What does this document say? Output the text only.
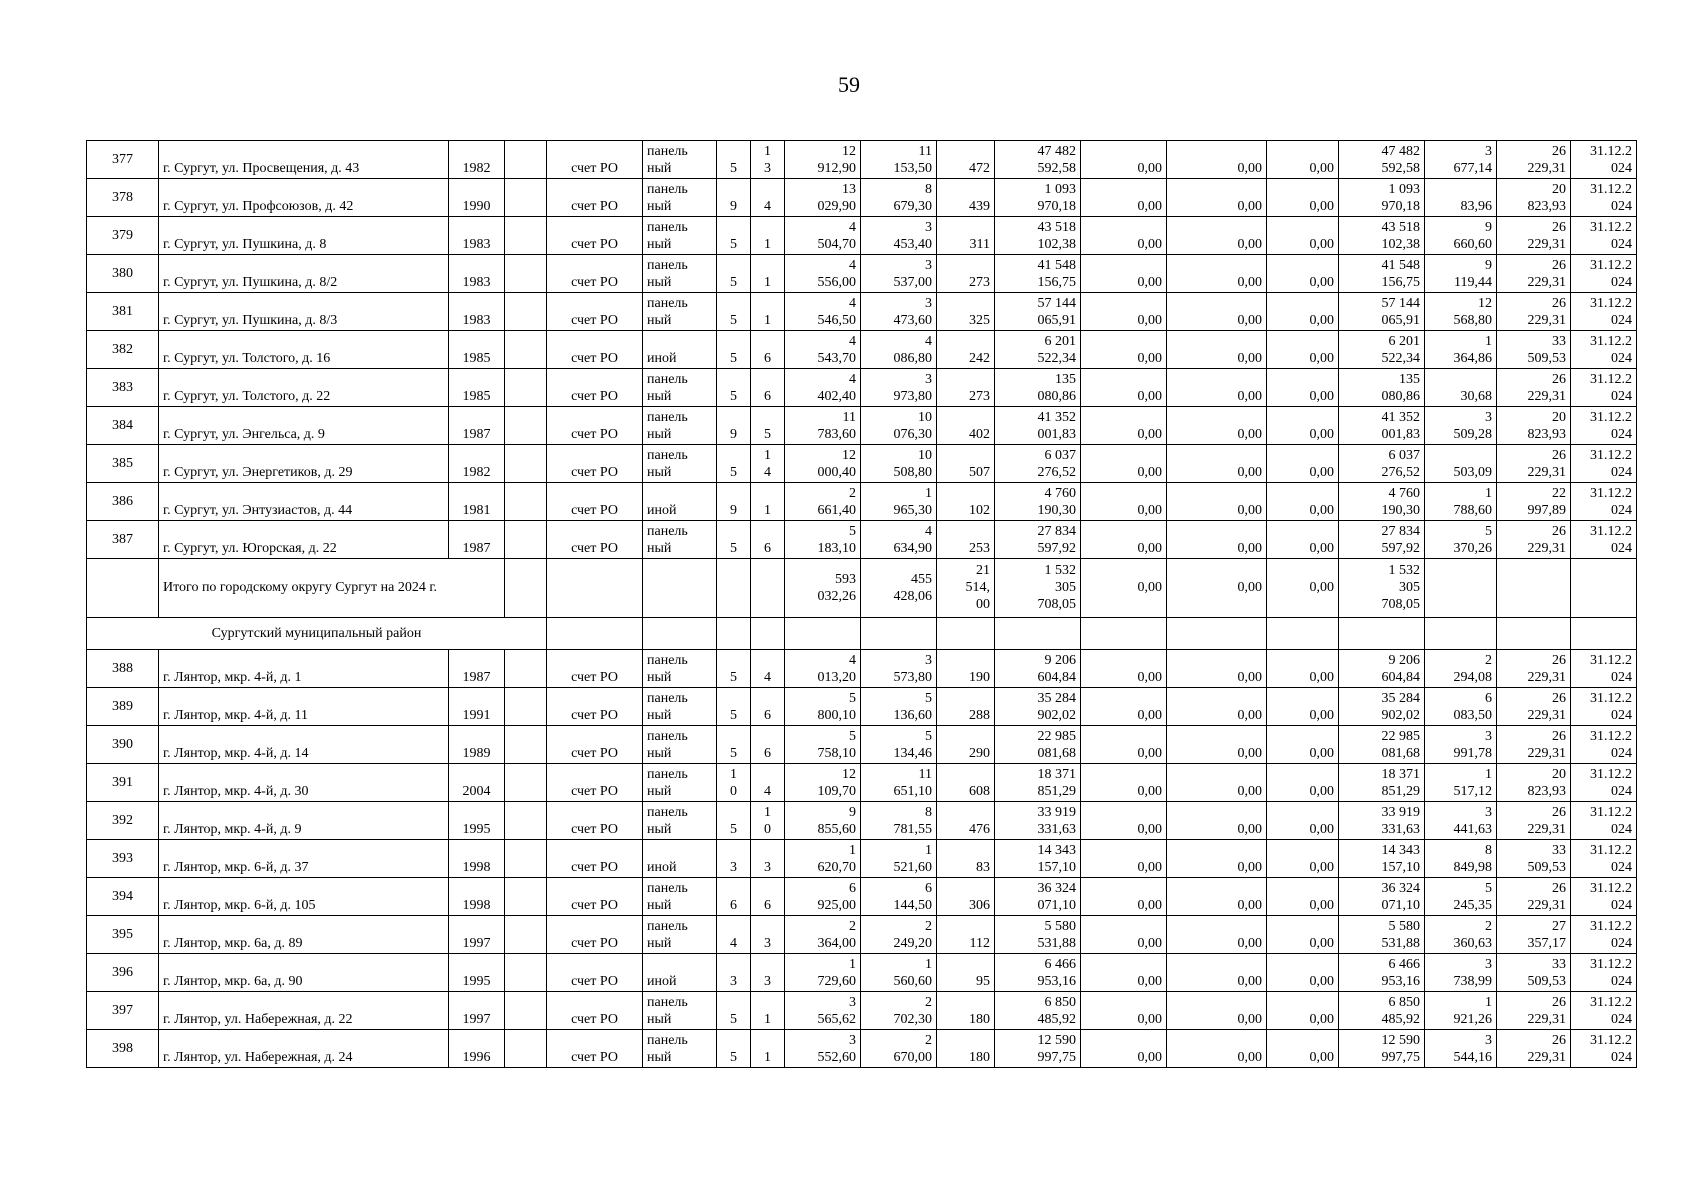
59
377	г. Сургут, ул. Просвещения, д. 43	1982		счет РО	панель
ный	5	1
3	12
912,90	11
153,50	472	47 482
592,58	0,00	0,00	0,00	47 482
592,58	3
677,14	26
229,31	31.12.2
024

378	г. Сургут, ул. Профсоюзов, д. 42	1990		счет РО	панель
ный	9	4	13
029,90	8
679,30	439	1 093
970,18	0,00	0,00	0,00	1 093
970,18	83,96	20
823,93	31.12.2
024

379	г. Сургут, ул. Пушкина, д. 8	1983		счет РО	панель
ный	5	1	4
504,70	3
453,40	311	43 518
102,38	0,00	0,00	0,00	43 518
102,38	9
660,60	26
229,31	31.12.2
024

380	г. Сургут, ул. Пушкина, д. 8/2	1983		счет РО	панель
ный	5	1	4
556,00	3
537,00	273	41 548
156,75	0,00	0,00	0,00	41 548
156,75	9
119,44	26
229,31	31.12.2
024

381	г. Сургут, ул. Пушкина, д. 8/3	1983		счет РО	панель
ный	5	1	4
546,50	3
473,60	325	57 144
065,91	0,00	0,00	0,00	57 144
065,91	12
568,80	26
229,31	31.12.2
024

382	г. Сургут, ул. Толстого, д. 16	1985		счет РО	иной	5	6	4
543,70	4
086,80	242	6 201
522,34	0,00	0,00	0,00	6 201
522,34	1
364,86	33
509,53	31.12.2
024

383	г. Сургут, ул. Толстого, д. 22	1985		счет РО	панель
ный	5	6	4
402,40	3
973,80	273	135
080,86	0,00	0,00	0,00	135
080,86	30,68	26
229,31	31.12.2
024

384	г. Сургут, ул. Энгельса, д. 9	1987		счет РО	панель
ный	9	5	11
783,60	10
076,30	402	41 352
001,83	0,00	0,00	0,00	41 352
001,83	3
509,28	20
823,93	31.12.2
024

385	г. Сургут, ул. Энергетиков, д. 29	1982		счет РО	панель
ный	5	1
4	12
000,40	10
508,80	507	6 037
276,52	0,00	0,00	0,00	6 037
276,52	503,09	26
229,31	31.12.2
024

386	г. Сургут, ул. Энтузиастов, д. 44	1981		счет РО	иной	9	1	2
661,40	1
965,30	102	4 760
190,30	0,00	0,00	0,00	4 760
190,30	1
788,60	22
997,89	31.12.2
024

387	г. Сургут, ул. Югорская, д. 22	1987		счет РО	панель
ный	5	6	5
183,10	4
634,90	253	27 834
597,92	0,00	0,00	0,00	27 834
597,92	5
370,26	26
229,31	31.12.2
024

	Итого по городскому округу Сургут на 2024 г.							593
032,26	455
428,06	21
514,
00	1 532
305
708,05	0,00	0,00	0,00	1 532
305
708,05			

Сургутский муниципальный район																		
388	г. Лянтор, мкр. 4-й, д. 1	1987		счет РО	панель
ный	5	4	4
013,20	3
573,80	190	9 206
604,84	0,00	0,00	0,00	9 206
604,84	2
294,08	26
229,31	31.12.2
024

389	г. Лянтор, мкр. 4-й, д. 11	1991		счет РО	панель
ный	5	6	5
800,10	5
136,60	288	35 284
902,02	0,00	0,00	0,00	35 284
902,02	6
083,50	26
229,31	31.12.2
024

390	г. Лянтор, мкр. 4-й, д. 14	1989		счет РО	панель
ный	5	6	5
758,10	5
134,46	290	22 985
081,68	0,00	0,00	0,00	22 985
081,68	3
991,78	26
229,31	31.12.2
024

391	г. Лянтор, мкр. 4-й, д. 30	2004		счет РО	панель
ный	1
0	4	12
109,70	11
651,10	608	18 371
851,29	0,00	0,00	0,00	18 371
851,29	1
517,12	20
823,93	31.12.2
024

392	г. Лянтор, мкр. 4-й, д. 9	1995		счет РО	панель
ный	5	1
0	9
855,60	8
781,55	476	33 919
331,63	0,00	0,00	0,00	33 919
331,63	3
441,63	26
229,31	31.12.2
024

393	г. Лянтор, мкр. 6-й, д. 37	1998		счет РО	иной	3	3	1
620,70	1
521,60	83	14 343
157,10	0,00	0,00	0,00	14 343
157,10	8
849,98	33
509,53	31.12.2
024

394	г. Лянтор, мкр. 6-й, д. 105	1998		счет РО	панель
ный	6	6	6
925,00	6
144,50	306	36 324
071,10	0,00	0,00	0,00	36 324
071,10	5
245,35	26
229,31	31.12.2
024

395	г. Лянтор, мкр. 6а, д. 89	1997		счет РО	панель
ный	4	3	2
364,00	2
249,20	112	5 580
531,88	0,00	0,00	0,00	5 580
531,88	2
360,63	27
357,17	31.12.2
024

396	г. Лянтор, мкр. 6а, д. 90	1995		счет РО	иной	3	3	1
729,60	1
560,60	95	6 466
953,16	0,00	0,00	0,00	6 466
953,16	3
738,99	33
509,53	31.12.2
024

397	г. Лянтор, ул. Набережная, д. 22	1997		счет РО	панель
ный	5	1	3
565,62	2
702,30	180	6 850
485,92	0,00	0,00	0,00	6 850
485,92	1
921,26	26
229,31	31.12.2
024

398	г. Лянтор, ул. Набережная, д. 24	1996		счет РО	панель
ный	5	1	3
552,60	2
670,00	180	12 590
997,75	0,00	0,00	0,00	12 590
997,75	3
544,16	26
229,31	31.12.2
024
